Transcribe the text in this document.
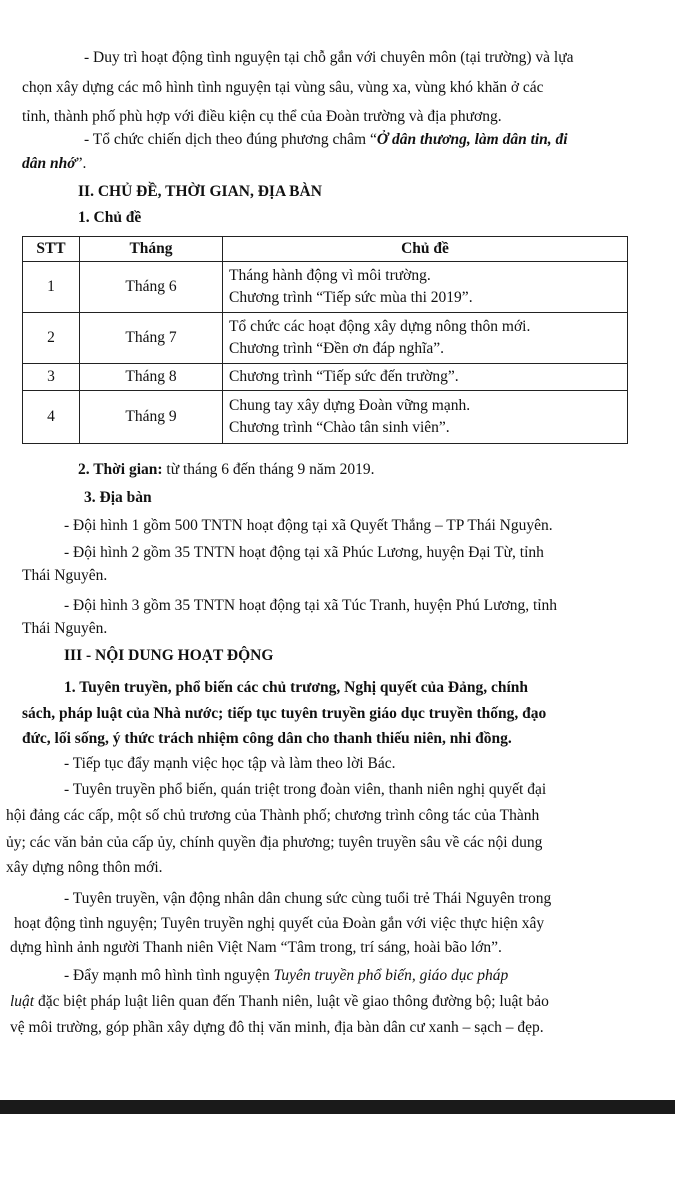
- Duy trì hoạt động tình nguyện tại chỗ gắn với chuyên môn (tại trường) và lựa
chọn xây dựng các mô hình tình nguyện tại vùng sâu, vùng xa, vùng khó khăn ở các
tỉnh, thành phố phù hợp với điều kiện cụ thể của Đoàn trường và địa phương.
- Tổ chức chiến dịch theo đúng phương châm “Ở dân thương, làm dân tin, đi
dân nhớ”.
II. CHỦ ĐỀ, THỜI GIAN, ĐỊA BÀN
1. Chủ đề
STT	Tháng	Chủ đề
1	Tháng 6	Tháng hành động vì môi trường.
Chương trình “Tiếp sức mùa thi 2019”.

2	Tháng 7	Tổ chức các hoạt động xây dựng nông thôn mới.
Chương trình “Đền ơn đáp nghĩa”.

3	Tháng 8	Chương trình “Tiếp sức đến trường”.

4	Tháng 9	Chung tay xây dựng Đoàn vững mạnh.
Chương trình “Chào tân sinh viên”.
2. Thời gian: từ tháng 6 đến tháng 9 năm 2019.
3. Địa bàn
- Đội hình 1 gồm 500 TNTN hoạt động tại xã Quyết Thắng – TP Thái Nguyên.
- Đội hình 2 gồm 35 TNTN hoạt động tại xã Phúc Lương, huyện Đại Từ, tỉnh
Thái Nguyên.
- Đội hình 3 gồm 35 TNTN hoạt động tại xã Túc Tranh, huyện Phú Lương, tỉnh
Thái Nguyên.
III - NỘI DUNG HOẠT ĐỘNG
1. Tuyên truyền, phổ biến các chủ trương, Nghị quyết của Đảng, chính
sách, pháp luật của Nhà nước; tiếp tục tuyên truyền giáo dục truyền thống, đạo
đức, lối sống, ý thức trách nhiệm công dân cho thanh thiếu niên, nhi đồng.
- Tiếp tục đẩy mạnh việc học tập và làm theo lời Bác.
- Tuyên truyền phổ biến, quán triệt trong đoàn viên, thanh niên nghị quyết đại
hội đảng các cấp, một số chủ trương của Thành phố; chương trình công tác của Thành
ủy; các văn bản của cấp ủy, chính quyền địa phương; tuyên truyền sâu về các nội dung
xây dựng nông thôn mới.
- Tuyên truyền, vận động nhân dân chung sức cùng tuổi trẻ Thái Nguyên trong
hoạt động tình nguyện; Tuyên truyền nghị quyết của Đoàn gắn với việc thực hiện xây
dựng hình ảnh người Thanh niên Việt Nam “Tâm trong, trí sáng, hoài bão lớn”.
- Đẩy mạnh mô hình tình nguyện Tuyên truyền phổ biến, giáo dục pháp
luật đặc biệt pháp luật liên quan đến Thanh niên, luật về giao thông đường bộ; luật bảo
vệ môi trường, góp phần xây dựng đô thị văn minh, địa bàn dân cư xanh – sạch – đẹp.
